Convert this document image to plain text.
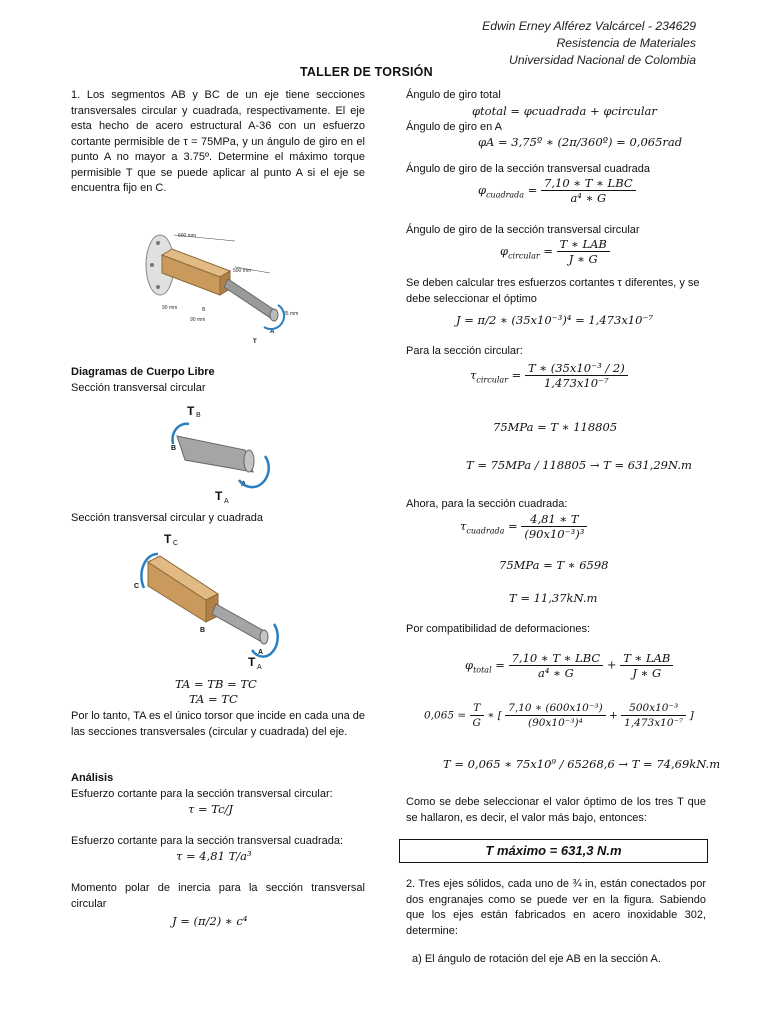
Edwin Erney Alférez Valcárcel - 234629
Resistencia de Materiales
Universidad Nacional de Colombia
TALLER DE TORSIÓN
1. Los segmentos AB y BC de un eje tiene secciones transversales circular y cuadrada, respectivamente. El eje esta hecho de acero estructural A-36 con un esfuerzo cortante permisible de τ = 75MPa, y un ángulo de giro en el punto A no mayor a 3.75º. Determine el máximo torque permisible T que se puede aplicar al punto A si el eje se encuentra fijo en C.
600 mm
500 mm
90 mm
90 mm
35 mm
B
A
T
Diagramas de Cuerpo Libre
Sección transversal circular
T B
B
A
T A
Sección transversal circular y cuadrada
T C
C
B
A
T A
TA = TB = TC
TA = TC
Por lo tanto, TA es el único torsor que incide en cada una de las secciones transversales (circular y cuadrada) del eje.
Análisis
Esfuerzo cortante para la sección transversal circular:
τ = Tc/J
Esfuerzo cortante para la sección transversal cuadrada:
τ = 4,81 T/a³
Momento polar de inercia para la sección transversal circular
J = (π/2) ∗ c⁴
Ángulo de giro total
φtotal = φcuadrada + φcircular
Ángulo de giro en A
φA = 3,75º ∗ (2π/360º) = 0,065rad
Ángulo de giro de la sección transversal cuadrada
$\varphi_{cuadrada} = \frac{\text{7,10 ∗ T ∗ LBC}}{\text{a⁴ ∗ G}}$
Ángulo de giro de la sección transversal circular
$\varphi_{circular} = \frac{\text{T ∗ LAB}}{J ∗ G}$
Se deben calcular tres esfuerzos cortantes τ diferentes, y se debe seleccionar el óptimo
J = π/2 ∗ (35x10⁻³)⁴ = 1,473x10⁻⁷
Para la sección circular:
$\tau_{circular} = \frac{\text{T ∗ (35x10⁻³ / 2)}}{\text{1,473x10⁻⁷}}$
75MPa = T ∗ 118805
T = 75MPa / 118805 → T = 631,29N.m
Ahora, para la sección cuadrada:
$\tau_{cuadrada} = \frac{4,81 ∗ T}{\text{(90x10⁻³)³}}$
75MPa = T ∗ 6598
T = 11,37kN.m
Por compatibilidad de deformaciones:
$\varphi_{total} = \frac{\text{7,10 ∗ T ∗ LBC}}{\text{a⁴ ∗ G}} + \frac{\text{T ∗ LAB}}{J ∗ G}$
$0,065 = \frac{T}{G}$ ∗ [ $\frac{\text{7,10 ∗ (600x10⁻³)}}{\text{(90x10⁻³)⁴}} + \frac{\text{500x10⁻³}}{\text{1,473x10⁻⁷}}$ ]
T = 0,065 ∗ 75x10⁹ / 65268,6 → T = 74,69kN.m
Como se debe seleccionar el valor óptimo de los tres T que se hallaron, es decir, el valor más bajo, entonces:
T máximo = 631,3 N.m
2. Tres ejes sólidos, cada uno de ¾ in, están conectados por dos engranajes como se puede ver en la figura. Sabiendo que los ejes están fabricados en acero inoxidable 302, determine:
a) El ángulo de rotación del eje AB en la sección A.
